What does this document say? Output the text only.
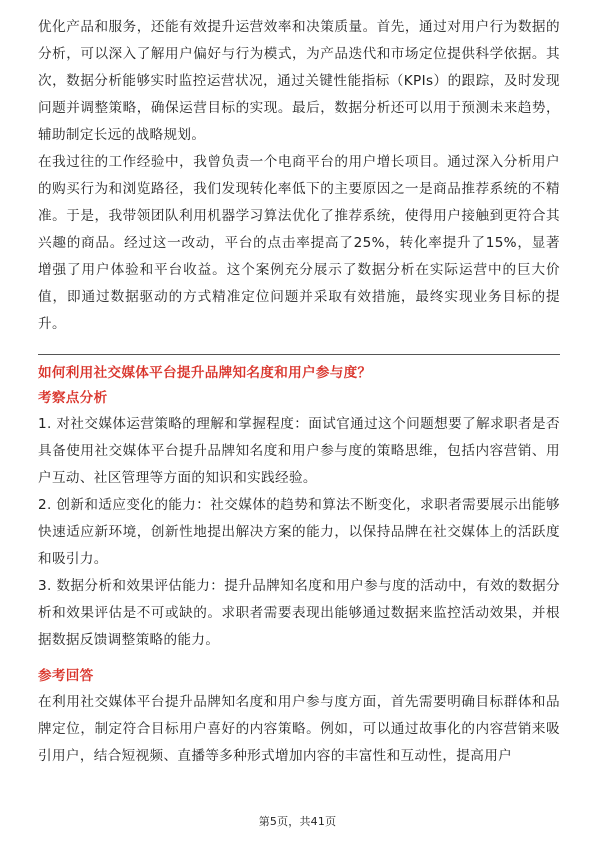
优化产品和服务，还能有效提升运营效率和决策质量。首先，通过对用户行为数据的分析，可以深入了解用户偏好与行为模式，为产品迭代和市场定位提供科学依据。其次，数据分析能够实时监控运营状况，通过关键性能指标（KPIs）的跟踪，及时发现问题并调整策略，确保运营目标的实现。最后，数据分析还可以用于预测未来趋势，辅助制定长远的战略规划。

在我过往的工作经验中，我曾负责一个电商平台的用户增长项目。通过深入分析用户的购买行为和浏览路径，我们发现转化率低下的主要原因之一是商品推荐系统的不精准。于是，我带领团队利用机器学习算法优化了推荐系统，使得用户接触到更符合其兴趣的商品。经过这一改动，平台的点击率提高了25%，转化率提升了15%，显著增强了用户体验和平台收益。这个案例充分展示了数据分析在实际运营中的巨大价值，即通过数据驱动的方式精准定位问题并采取有效措施，最终实现业务目标的提升。

如何利用社交媒体平台提升品牌知名度和用户参与度？

考察点分析

1. 对社交媒体运营策略的理解和掌握程度：面试官通过这个问题想要了解求职者是否具备使用社交媒体平台提升品牌知名度和用户参与度的策略思维，包括内容营销、用户互动、社区管理等方面的知识和实践经验。

2. 创新和适应变化的能力：社交媒体的趋势和算法不断变化，求职者需要展示出能够快速适应新环境，创新性地提出解决方案的能力，以保持品牌在社交媒体上的活跃度和吸引力。

3. 数据分析和效果评估能力：提升品牌知名度和用户参与度的活动中，有效的数据分析和效果评估是不可或缺的。求职者需要表现出能够通过数据来监控活动效果，并根据数据反馈调整策略的能力。

参考回答

在利用社交媒体平台提升品牌知名度和用户参与度方面，首先需要明确目标群体和品牌定位，制定符合目标用户喜好的内容策略。例如，可以通过故事化的内容营销来吸引用户，结合短视频、直播等多种形式增加内容的丰富性和互动性，提高用户

第5页，共41页
